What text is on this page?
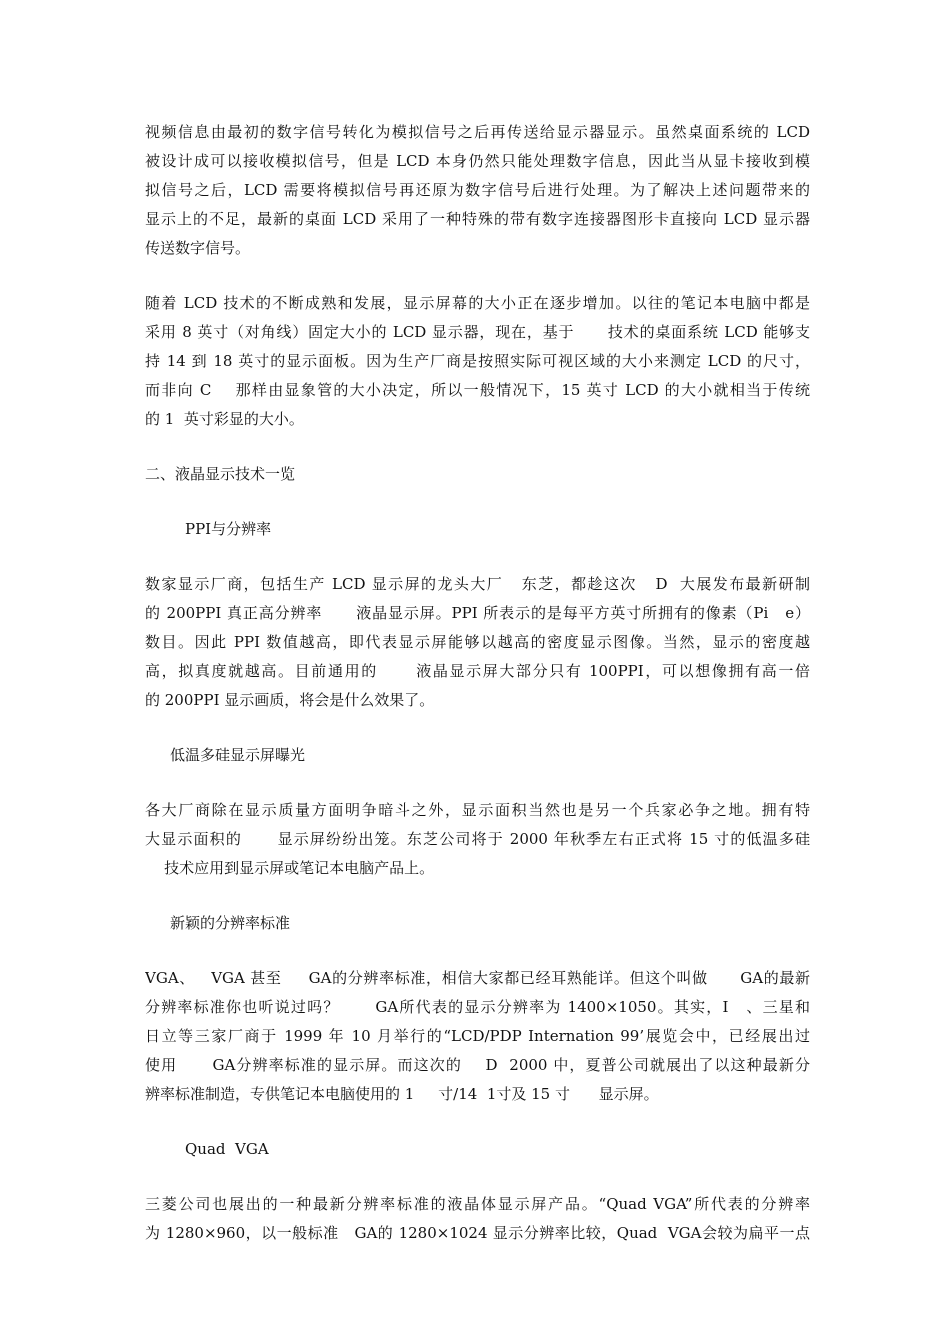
视频信息由最初的数字信号转化为模拟信号之后再传送给显示器显示。虽然桌面系统的 LCD
被设计成可以接收模拟信号，但是 LCD 本身仍然只能处理数字信息，因此当从显卡接收到模
拟信号之后，LCD 需要将模拟信号再还原为数字信号后进行处理。为了解决上述问题带来的
显示上的不足，最新的桌面 LCD 采用了一种特殊的带有数字连接器图形卡直接向 LCD 显示器
传送数字信号。
随着 LCD 技术的不断成熟和发展，显示屏幕的大小正在逐步增加。以往的笔记本电脑中都是
采用 8 英寸（对角线）固定大小的 LCD 显示器，现在，基于      技术的桌面系统 LCD 能够支
持 14 到 18 英寸的显示面板。因为生产厂商是按照实际可视区域的大小来测定 LCD 的尺寸，
而非向 C    那样由显象管的大小决定，所以一般情况下，15 英寸 LCD 的大小就相当于传统
的 1  英寸彩显的大小。
二、液晶显示技术一览
PPI与分辨率
数家显示厂商，包括生产 LCD 显示屏的龙头大厂   东芝，都趁这次   D  大展发布最新研制
的 200PPI 真正高分辨率      液晶显示屏。PPI 所表示的是每平方英寸所拥有的像素（Pi   e）
数目。因此 PPI 数值越高，即代表显示屏能够以越高的密度显示图像。当然，显示的密度越
高，拟真度就越高。目前通用的      液晶显示屏大部分只有 100PPI，可以想像拥有高一倍
的 200PPI 显示画质，将会是什么效果了。
低温多硅显示屏曝光
各大厂商除在显示质量方面明争暗斗之外，显示面积当然也是另一个兵家必争之地。拥有特
大显示面积的      显示屏纷纷出笼。东芝公司将于 2000 年秋季左右正式将 15 寸的低温多硅
技术应用到显示屏或笔记本电脑产品上。
新颖的分辨率标准
VGA、   VGA 甚至     GA的分辨率标准，相信大家都已经耳熟能详。但这个叫做      GA的最新
分辨率标准你也听说过吗？      GA所代表的显示分辨率为 1400×1050。其实，I   、三星和
日立等三家厂商于 1999 年 10 月举行的“LCD/PDP Internation 99’展览会中，已经展出过
使用      GA分辨率标准的显示屏。而这次的    D  2000 中，夏普公司就展出了以这种最新分
辨率标准制造，专供笔记本电脑使用的 1     寸/14  1寸及 15 寸      显示屏。
Quad  VGA
三菱公司也展出的一种最新分辨率标准的液晶体显示屏产品。“Quad VGA”所代表的分辨率
为 1280×960，以一般标准   GA的 1280×1024 显示分辨率比较，Quad  VGA会较为扁平一点
